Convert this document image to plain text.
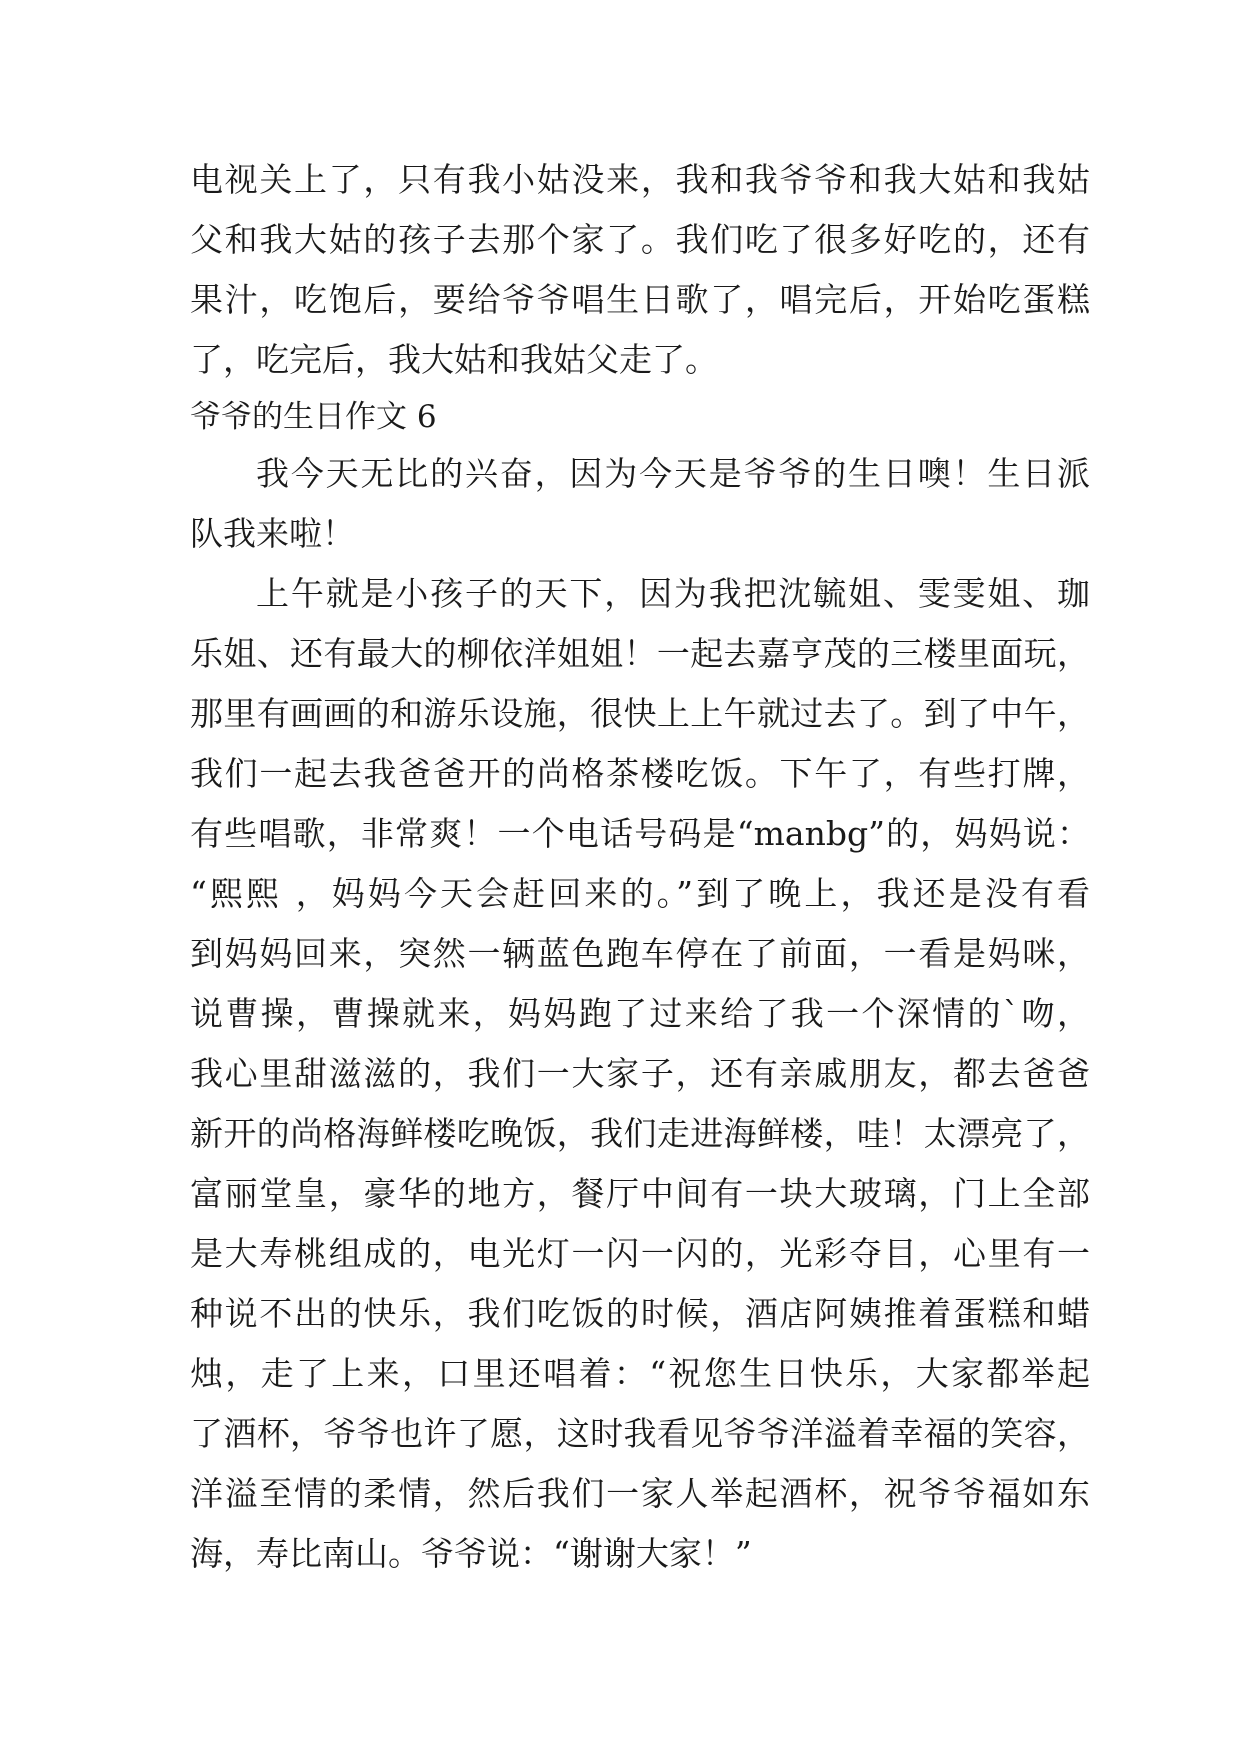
电视关上了，只有我小姑没来，我和我爷爷和我大姑和我姑
父和我大姑的孩子去那个家了。我们吃了很多好吃的，还有
果汁，吃饱后，要给爷爷唱生日歌了，唱完后，开始吃蛋糕
了，吃完后，我大姑和我姑父走了。
爷爷的生日作文 6
我今天无比的兴奋，因为今天是爷爷的生日噢！生日派
队我来啦！
上午就是小孩子的天下，因为我把沈毓姐、雯雯姐、珈
乐姐、还有最大的柳依洋姐姐！一起去嘉亨茂的三楼里面玩，
那里有画画的和游乐设施，很快上上午就过去了。到了中午，
我们一起去我爸爸开的尚格茶楼吃饭。下午了，有些打牌，
有些唱歌，非常爽！一个电话号码是“manbg”的，妈妈说：
“熙熙 ，妈妈今天会赶回来的。”到了晚上，我还是没有看
到妈妈回来，突然一辆蓝色跑车停在了前面，一看是妈咪，
说曹操，曹操就来，妈妈跑了过来给了我一个深情的`吻，
我心里甜滋滋的，我们一大家子，还有亲戚朋友，都去爸爸
新开的尚格海鲜楼吃晚饭，我们走进海鲜楼，哇！太漂亮了，
富丽堂皇，豪华的地方，餐厅中间有一块大玻璃，门上全部
是大寿桃组成的，电光灯一闪一闪的，光彩夺目，心里有一
种说不出的快乐，我们吃饭的时候，酒店阿姨推着蛋糕和蜡
烛，走了上来，口里还唱着：“祝您生日快乐，大家都举起
了酒杯，爷爷也许了愿，这时我看见爷爷洋溢着幸福的笑容，
洋溢至情的柔情，然后我们一家人举起酒杯，祝爷爷福如东
海，寿比南山。爷爷说：“谢谢大家！”
